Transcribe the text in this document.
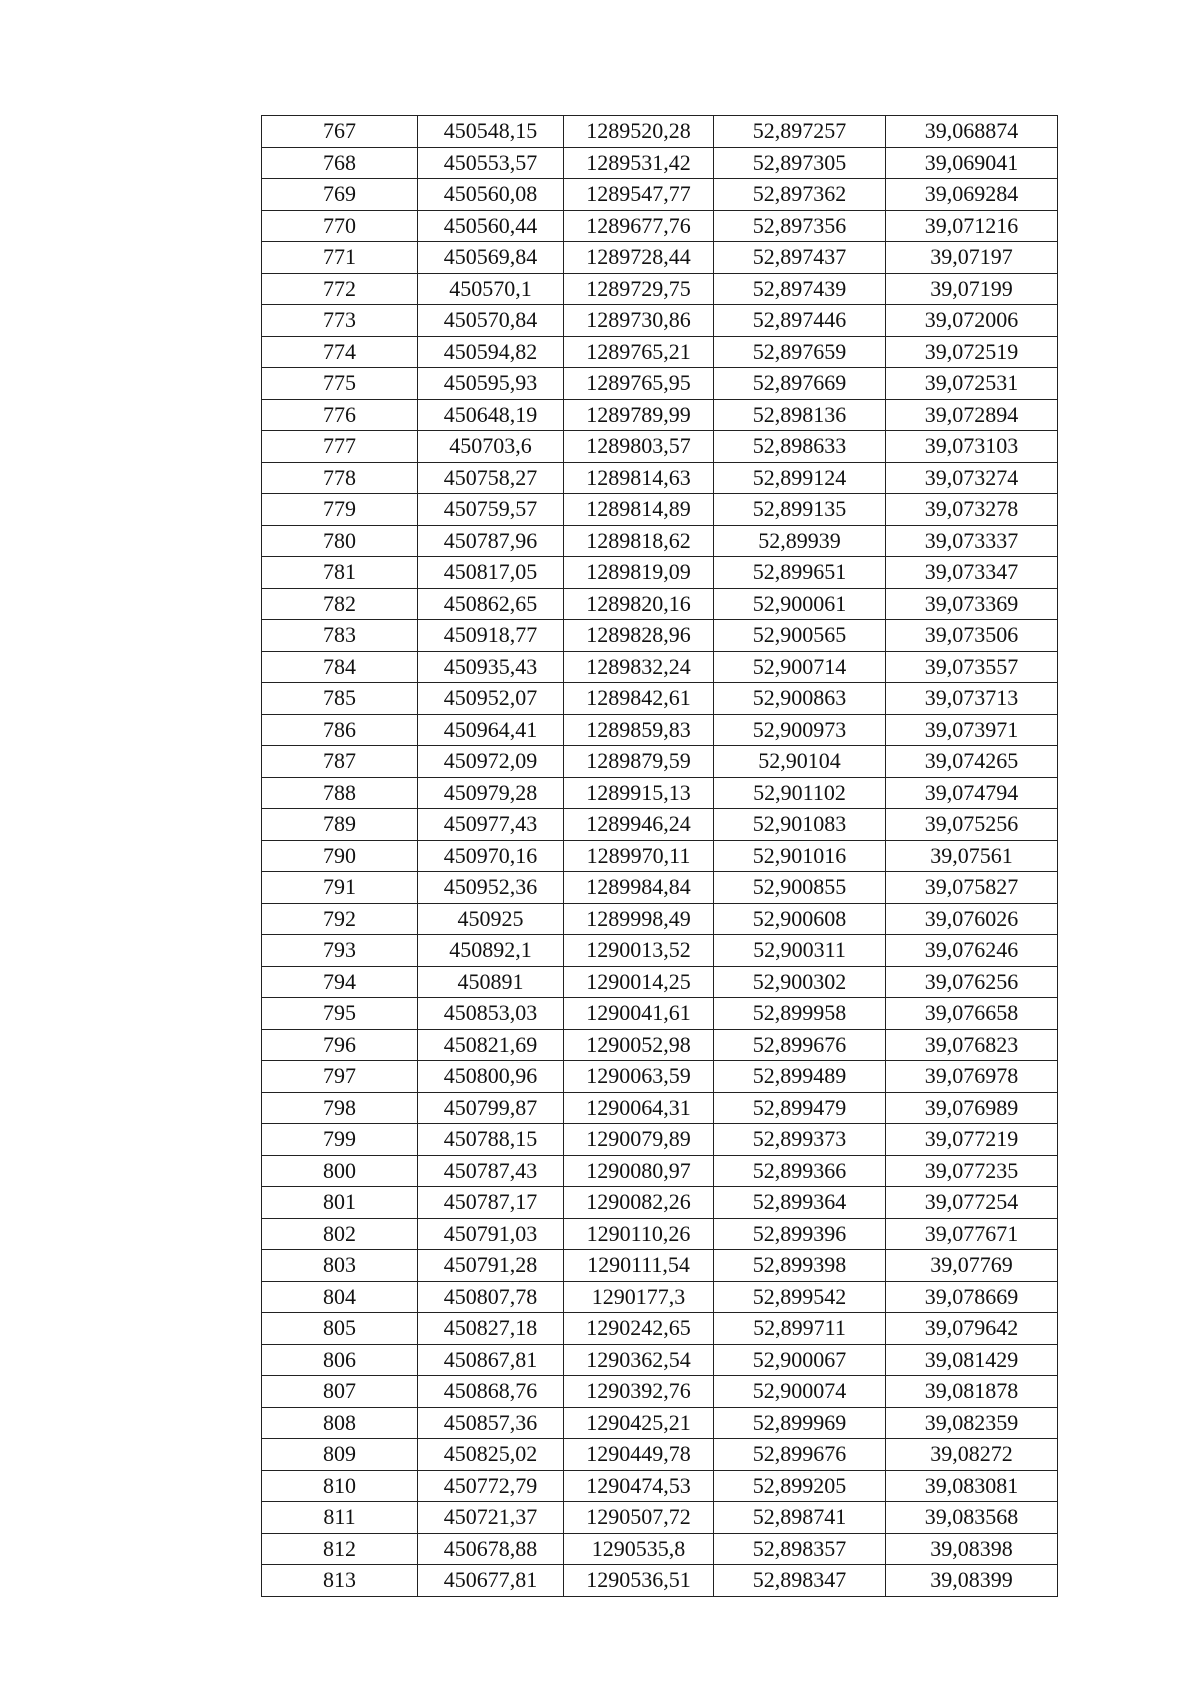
767	450548,15	1289520,28	52,897257	39,068874
768	450553,57	1289531,42	52,897305	39,069041
769	450560,08	1289547,77	52,897362	39,069284
770	450560,44	1289677,76	52,897356	39,071216
771	450569,84	1289728,44	52,897437	39,07197
772	450570,1	1289729,75	52,897439	39,07199
773	450570,84	1289730,86	52,897446	39,072006
774	450594,82	1289765,21	52,897659	39,072519
775	450595,93	1289765,95	52,897669	39,072531
776	450648,19	1289789,99	52,898136	39,072894
777	450703,6	1289803,57	52,898633	39,073103
778	450758,27	1289814,63	52,899124	39,073274
779	450759,57	1289814,89	52,899135	39,073278
780	450787,96	1289818,62	52,89939	39,073337
781	450817,05	1289819,09	52,899651	39,073347
782	450862,65	1289820,16	52,900061	39,073369
783	450918,77	1289828,96	52,900565	39,073506
784	450935,43	1289832,24	52,900714	39,073557
785	450952,07	1289842,61	52,900863	39,073713
786	450964,41	1289859,83	52,900973	39,073971
787	450972,09	1289879,59	52,90104	39,074265
788	450979,28	1289915,13	52,901102	39,074794
789	450977,43	1289946,24	52,901083	39,075256
790	450970,16	1289970,11	52,901016	39,07561
791	450952,36	1289984,84	52,900855	39,075827
792	450925	1289998,49	52,900608	39,076026
793	450892,1	1290013,52	52,900311	39,076246
794	450891	1290014,25	52,900302	39,076256
795	450853,03	1290041,61	52,899958	39,076658
796	450821,69	1290052,98	52,899676	39,076823
797	450800,96	1290063,59	52,899489	39,076978
798	450799,87	1290064,31	52,899479	39,076989
799	450788,15	1290079,89	52,899373	39,077219
800	450787,43	1290080,97	52,899366	39,077235
801	450787,17	1290082,26	52,899364	39,077254
802	450791,03	1290110,26	52,899396	39,077671
803	450791,28	1290111,54	52,899398	39,07769
804	450807,78	1290177,3	52,899542	39,078669
805	450827,18	1290242,65	52,899711	39,079642
806	450867,81	1290362,54	52,900067	39,081429
807	450868,76	1290392,76	52,900074	39,081878
808	450857,36	1290425,21	52,899969	39,082359
809	450825,02	1290449,78	52,899676	39,08272
810	450772,79	1290474,53	52,899205	39,083081
811	450721,37	1290507,72	52,898741	39,083568
812	450678,88	1290535,8	52,898357	39,08398
813	450677,81	1290536,51	52,898347	39,08399
